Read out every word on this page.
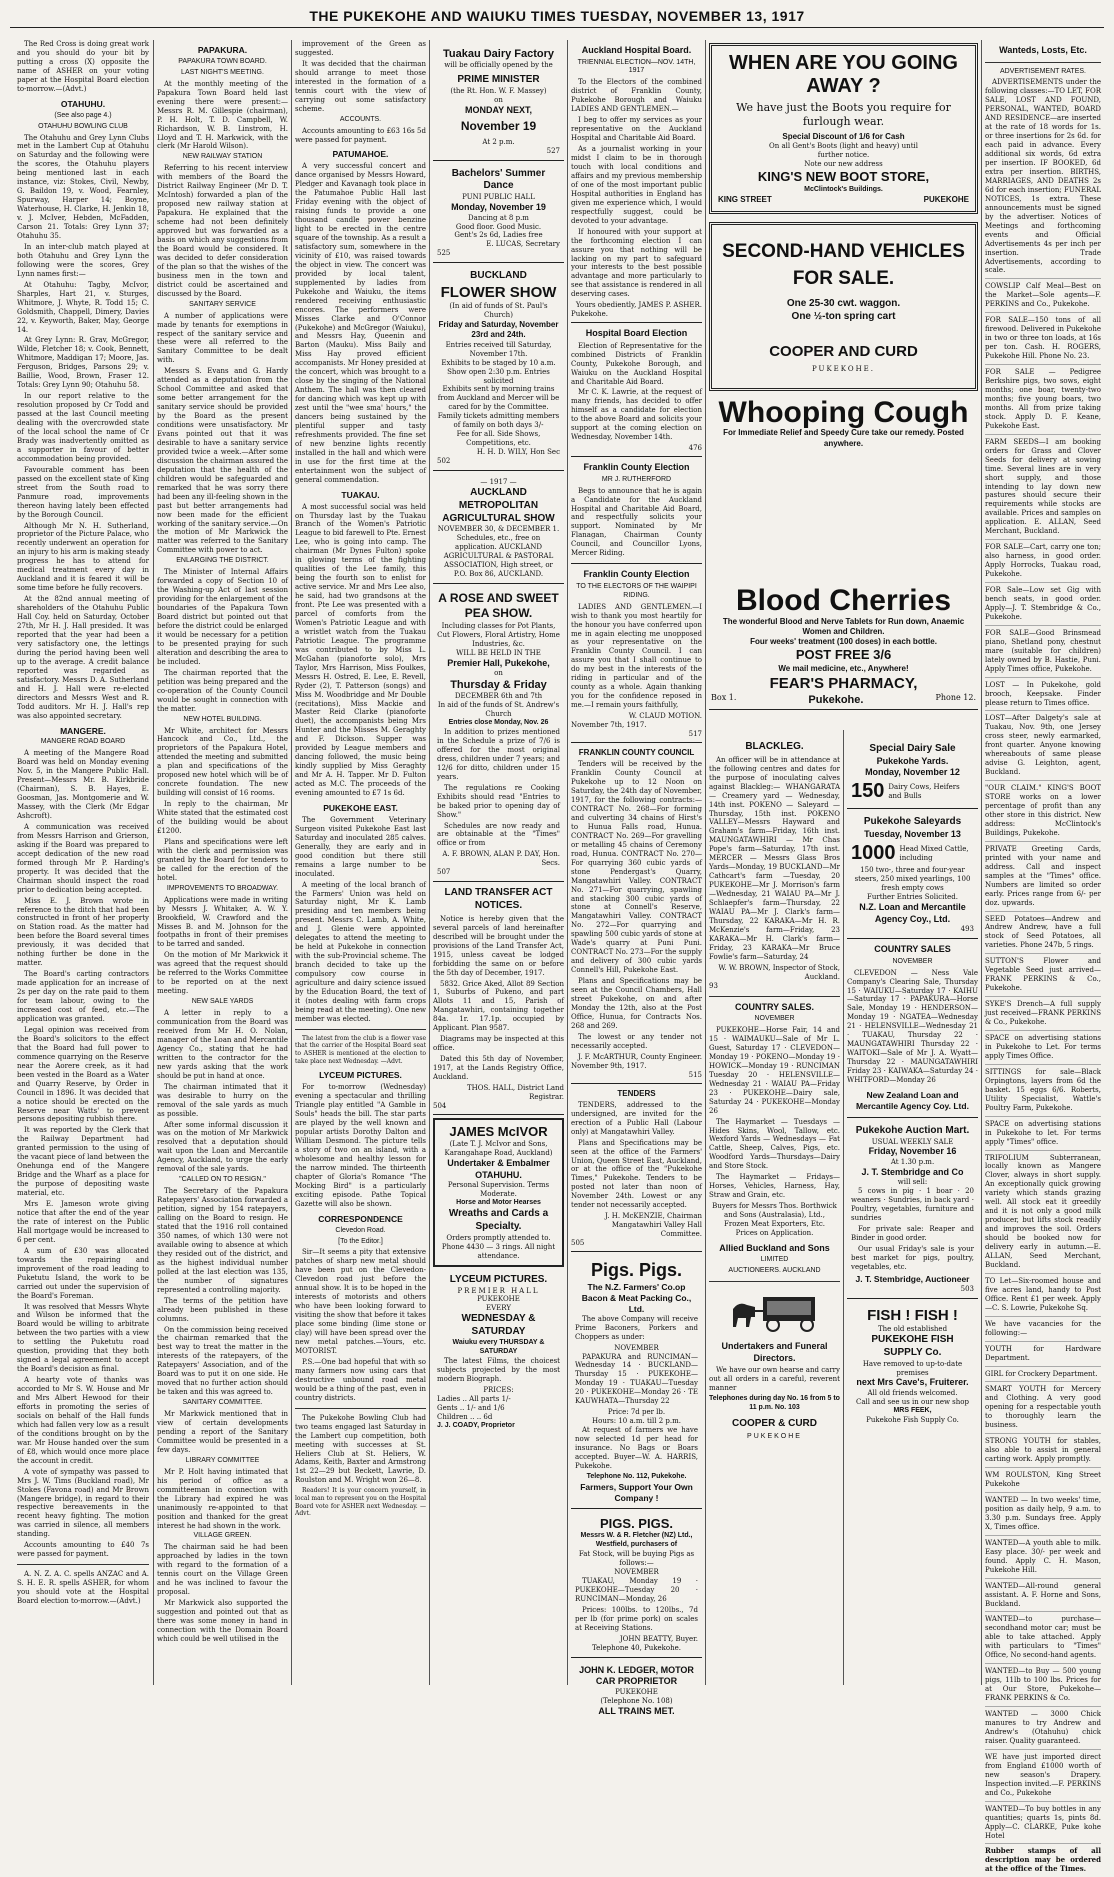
THE PUKEKOHE AND WAIUKU TIMES TUESDAY, NOVEMBER 13, 1917

The Red Cross is doing great work and you should do your bit by putting a cross (X) opposite the name of ASHER on your voting paper at the Hospital Board election to-morrow.—(Advt.)

OTAHUHU.
(See also page 4.)
OTAHUHU BOWLING CLUB

The Otahuhu and Grey Lynn Clubs met in the Lambert Cup at Otahuhu on Saturday and the following were the scores, the Otahuhu players being mentioned last in each instance, viz: Stokes, Civil, Newby, G. Baildon 19, v. Wood, Fearnley, Spurway, Harper 14; Boyne, Waterhouse, H. Clarke, H. Jenkin 18, v. J. McIver, Hebden, McFadden, Carson 21. Totals: Grey Lynn 37; Otahuhu 35.

In an inter-club match played at both Otahuhu and Grey Lynn the following were the scores, Grey Lynn names first:—

At Otahuhu: Tagby, McIvor, Sharples, Hart 21, v. Sturges, Whitmore, J. Whyte, R. Todd 15; C. Goldsmith, Chappell, Dimery, Davies 22, v. Keyworth, Baker, May, George 14.

At Grey Lynn: R. Grav, McGregor, Wilde, Fletcher 18; v. Cook, Bennett, Whitmore, Maddigan 17; Moore, Jas. Ferguson, Bridges, Parsons 29; v. Baillie, Wood, Brown, Fraser 12. Totals: Grey Lynn 90; Otahuhu 58.

In our report relative to the resolution proposed by Cr Todd and passed at the last Council meeting dealing with the overcrowded state of the local school the name of Cr Brady was inadvertently omitted as a supporter in favour of better accommodation being provided.

Favourable comment has been passed on the excellent state of King street from the South road to Panmure road, improvements thereon having lately been effected by the Borough Council.

Although Mr N. H. Sutherland, proprietor of the Picture Palace, who recently underwent an operation for an injury to his arm is making steady progress he has to attend for medical treatment every day in Auckland and it is feared it will be some time before he fully recovers.

At the 82nd annual meeting of shareholders of the Otahuhu Public Hall Coy. held on Saturday, October 27th, Mr H. J. Hall presided. It was reported that the year had been a very satisfactory one, the lettings during the period having been well up to the average. A credit balance reported was regarded as satisfactory. Messrs D. A. Sutherland and H. J. Hall were re-elected directors and Messrs West and R. Todd auditors. Mr H. J. Hall's rep was also appointed secretary.

MANGERE.
MANGERE ROAD BOARD

A meeting of the Mangere Road Board was held on Monday evening Nov. 5, in the Mangere Public Hall. Present—Messrs Mr. B. Kirkbride (Chairman), S. B. Hayes, E. Goosman, Jas. Montgomerie and W. Massey, with the Clerk (Mr Edgar Ashcroft).

A communication was received from Messrs Harrison and Grierson, asking if the Board was prepared to accept dedication of the new road formed through Mr P. Harding's property. It was decided that the Chairman should inspect the road prior to dedication being accepted.

Miss E. J. Brown wrote in reference to the ditch that had been constructed in front of her property on Station road. As the matter had been before the Board several times previously, it was decided that nothing further be done in the matter.

The Board's carting contractors made application for an increase of 2s per day on the rate paid to them for team labour, owing to the increased cost of feed, etc.—The application was granted.

Legal opinion was received from the Board's solicitors to the effect that the Board had full power to commence quarrying on the Reserve near the Aorere creek, as it had been vested in the Board as a Water and Quarry Reserve, by Order in Council in 1896. It was decided that a notice should be erected on the Reserve near Watts' to prevent persons depositing rubbish there.

It was reported by the Clerk that the Railway Department had granted permission to the using of the vacant piece of land between the Onehunga end of the Mangere Bridge and the Wharf as a place for the purpose of depositing waste material, etc.

Mrs E. Jameson wrote giving notice that after the end of the year the rate of interest on the Public Hall mortgage would be increased to 6 per cent.

A sum of £30 was allocated towards the repairing and improvement of the road leading to Puketutu Island, the work to be carried out under the supervision of the Board's Foreman.

It was resolved that Messrs Whyte and Wilson be informed that the Board would be willing to arbitrate between the two parties with a view to settling the Puketutu road question, providing that they both signed a legal agreement to accept the Board's decision as final.

A hearty vote of thanks was accorded to Mr S. W. House and Mr and Mrs Albert Hewood for their efforts in promoting the series of socials on behalf of the Hall funds which had fallen very low as a result of the conditions brought on by the war. Mr House handed over the sum of £8, which would once more place the account in credit.

A vote of sympathy was passed to Mrs J. W. Tims (Buckland road), Mr Stokes (Favona road) and Mr Brown (Mangere bridge), in regard to their respective bereavements in the recent heavy fighting. The motion was carried in silence, all members standing.

Accounts amounting to £40 7s were passed for payment.

A. N. Z. A. C. spells ANZAC and A. S. H. E. R. spells ASHER, for whom you should vote at the Hospital Board election to-morrow.—(Advt.)

PAPAKURA.
PAPAKURA TOWN BOARD.
LAST NIGHT'S MEETING.

At the monthly meeting of the Papakura Town Board held last evening there were present:—Messrs R. M. Gillespie (chairman), P. H. Holt, T. D. Campbell, W. Richardson, W. B. Linstrom, H. Lloyd and T. H. Markwick, with the clerk (Mr Harold Wilson).

NEW RAILWAY STATION

Referring to his recent interview with members of the Board the District Railway Engineer (Mr D. T. McIntosh) forwarded a plan of the proposed new railway station at Papakura. He explained that the scheme had not been definitely approved but was forwarded as a basis on which any suggestions from the Board would be considered. It was decided to defer consideration of the plan so that the wishes of the business men in the town and district could be ascertained and discussed by the Board.

SANITARY SERVICE

A number of applications were made by tenants for exemptions in respect of the sanitary service and these were all referred to the Sanitary Committee to be dealt with.

Messrs S. Evans and G. Hardy attended as a deputation from the School Committee and asked that some better arrangement for the sanitary service should be provided by the Board as the present conditions were unsatisfactory. Mr Evans pointed out that it was desirable to have a sanitary service provided twice a week.—After some discussion the chairman assured the deputation that the health of the children would be safeguarded and remarked that he was sorry there had been any ill-feeling shown in the past but better arrangements had now been made for the efficient working of the sanitary service.—On the motion of Mr Markwick the matter was referred to the Sanitary Committee with power to act.

ENLARGING THE DISTRICT.

The Minister of Internal Affairs forwarded a copy of Section 10 of the Washing-up Act of last session providing for the enlargement of the boundaries of the Papakura Town Board district but pointed out that before the district could be enlarged it would be necessary for a petition to be presented praying for such alteration and describing the area to be included.

The chairman reported that the petition was being prepared and the co-operation of the County Council would be sought in connection with the matter.

NEW HOTEL BUILDING.

Mr White, architect for Messrs Hancock and Co., Ltd., the proprietors of the Papakura Hotel, attended the meeting and submitted a plan and specifications of the proposed new hotel which will be of concrete foundation. The new building will consist of 16 rooms.

In reply to the chairman, Mr White stated that the estimated cost of the building would be about £1200.

Plans and specifications were left with the clerk and permission was granted by the Board for tenders to be called for the erection of the hotel.

IMPROVEMENTS TO BROADWAY.

Applications were made in writing by Messrs J. Whitaker, A. W. Y. Brookfield, W. Crawford and the Misses B. and M. Johnson for the footpaths in front of their premises to be tarred and sanded.

On the motion of Mr Markwick it was agreed that the request should be referred to the Works Committee to be reported on at the next meeting.

NEW SALE YARDS

A letter in reply to a communication from the Board was received from Mr H. O. Nolan, manager of the Loan and Mercantile Agency Co., stating that he had written to the contractor for the new yards asking that the work should be put in hand at once.

The chairman intimated that it was desirable to hurry on the removal of the sale yards as much as possible.

After some informal discussion it was on the motion of Mr Markwick resolved that a deputation should wait upon the Loan and Mercantile Agency, Auckland, to urge the early removal of the sale yards.

"CALLED ON TO RESIGN."

The Secretary of the Papakura Ratepayers' Association forwarded a petition, signed by 154 ratepayers, calling on the Board to resign. He stated that the 1916 roll contained 350 names, of which 130 were not available owing to absence at which they resided out of the district, and as the highest individual number polled at the last election was 135, the number of signatures represented a controlling majority.

The terms of the petition have already been published in these columns.

On the commission being received the chairman remarked that the best way to treat the matter in the interests of the ratepayers, of the Ratepayers' Association, and of the Board was to put it on one side. He moved that no further action should be taken and this was agreed to.

SANITARY COMMITTEE.

Mr Markwick mentioned that in view of certain developments pending a report of the Sanitary Committee would be presented in a few days.

LIBRARY COMMITTEE

Mr P. Holt having intimated that his period of office as a committeeman in connection with the Library had expired he was unanimously re-appointed to that position and thanked for the great interest he had shown in the work.

VILLAGE GREEN.

The chairman said he had been approached by ladies in the town with regard to the formation of a tennis court on the Village Green and he was inclined to favour the proposal.

Mr Markwick also supported the suggestion and pointed out that as there was some money in hand in connection with the Domain Board which could be well utilised in the

improvement of the Green as suggested.

It was decided that the chairman should arrange to meet those interested in the formation of a tennis court with the view of carrying out some satisfactory scheme.

ACCOUNTS.

Accounts amounting to £63 16s 5d were passed for payment.

PATUMAHOE.

A very successful concert and dance organised by Messrs Howard, Pledger and Kavanagh took place in the Patumahoe Public Hall last Friday evening with the object of raising funds to provide a one thousand candle power benzine light to be erected in the centre square of the township. As a result a satisfactory sum, somewhere in the vicinity of £10, was raised towards the object in view. The concert was provided by local talent, supplemented by ladies from Pukekohe and Waiuku, the items rendered receiving enthusiastic encores. The performers were Misses Clarke and O'Connor (Pukekohe) and McGregor (Waiuku), and Messrs Hay, Queenin and Barton (Mauku). Miss Baily and Miss Hay proved efficient accompanists. Mr Honey presided at the concert, which was brought to a close by the singing of the National Anthem. The hall was then cleared for dancing which was kept up with zest until the "wee sma' hours," the dancers being sustained by the plentiful supper and tasty refreshments provided. The fine set of new benzine lights recently installed in the hall and which were in use for the first time at the entertainment won the subject of general commendation.

TUAKAU.

A most successful social was held on Thursday last by the Tuakau Branch of the Women's Patriotic League to bid farewell to Pte. Ernest Lee, who is going into camp. The chairman (Mr Dynes Fulton) spoke in glowing terms of the fighting qualities of the Lee family, this being the fourth son to enlist for active service. Mr and Mrs Lee also, he said, had two grandsons at the front. Pte Lee was presented with a parcel of comforts from the Women's Patriotic League and with a wristlet watch from the Tuakau Patriotic League. The programme was contributed to by Miss L. McGahan (pianoforte solo), Mrs Taylor, Mrs Harrison, Miss Foulkes, Messrs H. Ostred, E. Lee, E. Revell, Ryder (2), T. Patterson (songs) and Miss M. Woodbridge and Mr Double (recitations), Miss Mackie and Master Reid Clarke (pianoforte duet), the accompanists being Mrs Hunter and the Misses M. Geraghty and F. Dickson. Supper was provided by League members and dancing followed, the music being kindly supplied by Miss Geraghty and Mr A. H. Tapper. Mr D. Fulton acted as M.C. The proceeds of the evening amounted to £7 1s 6d.

PUKEKOHE EAST.

The Government Veterinary Surgeon visited Pukekohe East last Saturday and inoculated 285 calves. Generally, they are early and in good condition but there still remains a large number to be inoculated.

A meeting of the local branch of the Farmers' Union was held on Saturday night, Mr K. Lamb presiding and ten members being present. Messrs C. Lamb, A. White, and J. Glenie were appointed delegates to attend the meeting to be held at Pukekohe in connection with the sub-Provincial scheme. The branch decided to take up the compulsory cow course in agriculture and dairy science issued by the Education Board, the text of it (notes dealing with farm crops being read at the meeting). One new member was elected.

The latest from the club is a flower vase that the carrier of the Hospital Board seat to ASHER is mentioned at the election to take place next Wednesday. —Advt.

LYCEUM PICTURES.

For to-morrow (Wednesday) evening a spectacular and thrilling Triangle play entitled "A Gamble in Souls" heads the bill. The star parts are played by the well known and popular artists Dorothy Dalton and William Desmond. The picture tells a story of two on an island, with a wholesome and healthy lesson for the narrow minded. The thirteenth chapter of Gloria's Romance "The Mocking Bird" is a particularly exciting episode. Pathe Topical Gazette will also be shown.

CORRESPONDENCE
Clevedon Road.
[To the Editor.]

Sir—It seems a pity that extensive patches of sharp new metal should have been put on the Clevedon-Clevedon road just before the annual show. It is to be hoped in the interests of motorists and others who have been looking forward to visiting the show that before it takes place some binding (lime stone or clay) will have been spread over the new metal patches.—Yours, etc. MOTORIST.

P.S.—One bad hopeful that with so many farmers now using cars that destructive unbound road metal would be a thing of the past, even in country districts.

The Pukekohe Bowling Club had two teams engaged last Saturday in the Lambert cup competition, both meeting with successes at St. Heliers Club at St. Heliers, W. Adams, Keith, Baxter and Armstrong 1st 22—29 but Beckett, Lawrie, D. Roulston and M. Wright won 26—8.

Readers! It is your concern yourself, in local man to represent you on the Hospital Board vote for ASHER next Wednesday. —Advt.

Tuakau Dairy Factory
will be officially opened by the
PRIME MINISTER
(the Rt. Hon. W. F. Massey)
on
MONDAY NEXT,
November 19
At 2 p.m.
527
Bachelors' Summer Dance
PUNI PUBLIC HALL
Monday, November 19
Dancing at 8 p.m
Good floor. Good Music.
Gent's 2s 6d, Ladies free
E. LUCAS, Secretary
525
BUCKLAND
FLOWER SHOW
(In aid of funds of St. Paul's Church)
Friday and Saturday, November 23rd and 24th.
Entries received till Saturday, November 17th.
Exhibits to be staged by 10 a.m. Show open 2:30 p.m. Entries solicited
Exhibits sent by morning trains from Auckland and Mercer will be cared for by the Committee.
Family tickets admitting members of family on both days 3/-
Fee for all. Side Shows, Competitions, etc.
H. H. D. WILY, Hon Sec
502
— 1917 —
AUCKLAND METROPOLITAN AGRICULTURAL SHOW
NOVEMBER 30, & DECEMBER 1.
Schedules, etc., free on application. AUCKLAND AGRICULTURAL & PASTORAL ASSOCIATION, High street, or P.O. Box 86, AUCKLAND.
A ROSE AND SWEET PEA SHOW.
Including classes for Pot Plants, Cut Flowers, Floral Artistry, Home Industries, &c.
WILL BE HELD IN THE
Premier Hall, Pukekohe,
on
Thursday & Friday
DECEMBER 6th and 7th
In aid of the funds of St. Andrew's Church
Entries close Monday, Nov. 26

In addition to prizes mentioned in the Schedule a prize of 7/6 is offered for the most original dress, children under 7 years; and 12/6 for ditto, children under 15 years.

The regulations re Cooking Exhibits should read "Entries to be baked prior to opening day of Show."

Schedules are now ready and are obtainable at the "Times" office or from

A. F. BROWN, ALAN P. DAY, Hon. Secs.
507
LAND TRANSFER ACT NOTICES.

Notice is hereby given that the several parcels of land hereinafter described will be brought under the provisions of the Land Transfer Act, 1915, unless caveat be lodged forbidding the same on or before the 5th day of December, 1917.

5832. Grice Aked, Allot 89 Section 1, Suburbs of Pukeno, and part Allots 11 and 15, Parish of Mangatawhiri, containing together 84a. 1r. 17.1p. occupied by Applicant. Plan 9587.

Diagrams may be inspected at this office.

Dated this 5th day of November, 1917, at the Lands Registry Office, Auckland.

THOS. HALL, District Land Registrar.
504
JAMES McIVOR
(Late T. J. McIvor and Sons, Karangahape Road, Auckland)
Undertaker & Embalmer
OTAHUHU.
Personal Supervision. Terms Moderate.
Horse and Motor Hearses
Wreaths and Cards a Specialty.
Orders promptly attended to.
Phone 4430 — 3 rings. All night attendance.
LYCEUM PICTURES.
PREMIER HALL
PUKEKOHE
EVERY
WEDNESDAY & SATURDAY
Waiuku every THURSDAY & SATURDAY

The latest Films, the choicest subjects projected by the most modern Biograph.

PRICES:
Ladies .. All parts 1/-
Gents .. 1/- and 1/6
Children .. .. 6d
J. J. COADY, Proprietor
Auckland Hospital Board.
TRIENNIAL ELECTION—NOV. 14TH, 1917

To the Electors of the combined district of Franklin County, Pukekohe Borough and Waiuku LADIES AND GENTLEMEN.—

I beg to offer my services as your representative on the Auckland Hospital and Charitable Aid Board.

As a journalist working in your midst I claim to be in thorough touch with local conditions and affairs and my previous membership of one of the most important public Hospital authorities in England has given me experience which, I would respectfully suggest, could be devoted to your advantage.

If honoured with your support at the forthcoming election I can assure you that nothing will be lacking on my part to safeguard your interests to the best possible advantage and more particularly to see that assistance is rendered in all deserving cases.

Yours obediently, JAMES P. ASHER.
Pukekohe.
Hospital Board Election

Election of Representative for the combined Districts of Franklin County, Pukekohe Borough, and Waiuku on the Auckland Hospital and Charitable Aid Board.

Mr C. K. Lawrie, at the request of many friends, has decided to offer himself as a candidate for election to the above Board and solicits your support at the coming election on Wednesday, November 14th.

476
Franklin County Election
MR J. RUTHERFORD

Begs to announce that he is again a Candidate for the Auckland Hospital and Charitable Aid Board, and respectfully solicits your support. Nominated by Mr Flanagan, Chairman County Council, and Councillor Lyons, Mercer Riding.

Franklin County Election
TO THE ELECTORS OF THE WAIPIPI RIDING.

LADIES AND GENTLEMEN.—I wish to thank you most heartily for the honour you have conferred upon me in again electing me unopposed as your representative on the Franklin County Council. I can assure you that I shall continue to do my best in the interests of the riding in particular and of the county as a whole. Again thanking you for the confidence reposed in me.—I remain yours faithfully,

W. CLAUD MOTION.
November 7th, 1917.
517
FRANKLIN COUNTY COUNCIL

Tenders will be received by the Franklin County Council at Pukekohe up to 12 Noon on Saturday, the 24th day of November, 1917, for the following contracts:— CONTRACT No. 268—For forming and culverting 34 chains of Hirst's to Hunua Falls road, Hunua. CONTRACT No. 269—For gravelling or metalling 45 chains of Ceremony road, Hunua. CONTRACT No. 270—For quarrying 360 cubic yards of stone Pendergast's Quarry, Mangatawhiri Valley. CONTRACT No. 271—For quarrying, spawling and stacking 300 cubic yards of stone at Connell's Reserve, Mangatawhiri Valley. CONTRACT No. 272—For quarrying and spawling 500 cubic yards of stone at Wade's quarry at Puni Puni. CONTRACT No. 273—For the supply and delivery of 300 cubic yards Connell's Hill, Pukekohe East.

Plans and Specifications may be seen at the Council Chambers, Hall street Pukekohe, on and after Monday the 12th, also at the Post Office, Hunua, for Contracts Nos. 268 and 269.

The lowest or any tender not necessarily accepted.

J. F. McARTHUR, County Engineer.
November 9th, 1917.
515
TENDERS

TENDERS, addressed to the undersigned, are invited for the erection of a Public Hall (Labour only) at Mangatawhiri Valley.

Plans and Specifications may be seen at the office of the Farmers' Union, Queen Street East, Auckland, or at the office of the "Pukekohe Times," Pukekohe. Tenders to be posted not later than noon of November 24th. Lowest or any tender not necessarily accepted.

J. H. McKENZIE, Chairman Mangatawhiri Valley Hall Committee.
505
Pigs. Pigs.
The N.Z. Farmers' Co.op Bacon & Meat Packing Co., Ltd.

The above Company will receive Prime Baconers, Porkers and Choppers as under:

NOVEMBER

PAPAKURA and RUNCIMAN—Wednesday 14 · BUCKLAND—Thursday 15 · PUKEKOHE—Monday 19 · TUAKAU—Tuesday 20 · PUKEKOHE—Monday 26 · TE KAUWHATA—Thursday 22

Price: 7d per lb.
Hours: 10 a.m. till 2 p.m.

At request of farmers we have now selected 1d per head for insurance. No Bags or Boars accepted. Buyer—W. A. HARRIS, Pukekohe.

Telephone No. 112, Pukekohe.
Farmers, Support Your Own Company !
PIGS. PIGS.
Messrs W. & R. Fletcher (NZ) Ltd., Westfield, purchasers of
Fat Stock, will be buying Pigs as follows:—
NOVEMBER

TUAKAU, Monday 19 · PUKEKOHE—Tuesday 20 · RUNCIMAN—Monday, 26

Prices: 100lbs. to 120lbs., 7d per lb (for prime pork) on scales at Receiving Stations.

JOHN BEATTY, Buyer.
Telephone 40, Pukekohe.
JOHN K. LEDGER, MOTOR CAR PROPRIETOR
PUKEKOHE
(Telephone No. 108)
ALL TRAINS MET.
WHEN ARE YOU GOING AWAY ?
We have just the Boots you require for furlough wear.
Special Discount of 1/6 for Cash
On all Gent's Boots (light and heavy) until
further notice.
Note our new address
KING'S NEW BOOT STORE,
McClintock's Buildings.
KING STREET	PUKEKOHE
SECOND-HAND VEHICLES FOR SALE.
One 25-30 cwt. waggon.
One ½-ton spring cart
COOPER AND CURD
PUKEKOHE.
Whooping Cough
For Immediate Relief and Speedy Cure take our remedy. Posted anywhere.
Blood Cherries
The wonderful Blood and Nerve Tablets for Run down, Anaemic Women and Children.
Four weeks' treatment (100 doses) in each bottle.
POST FREE 3/6
We mail medicine, etc., Anywhere!
FEAR'S PHARMACY,
Box 1.	Pukekohe.	Phone 12.
BLACKLEG.

An officer will be in attendance at the following centres and dates for the purpose of inoculating calves against Blackleg:— WHANGARATA — Creamery yard — Wednesday, 14th inst. POKENO — Saleyard — Thursday, 15th inst. POKENO VALLEY—Messrs Hayward and Graham's farm—Friday, 16th inst. MAUNGATAWHIRI — Mr Chas Pope's farm—Saturday, 17th inst. MERCER — Messrs Glass Bros Yards—Monday, 19 BUCKLAND—Mr Cathcart's farm —Tuesday, 20 PUKEKOHE—Mr J. Morrison's farm—Wednesday, 21 WAIAU PA—Mr J. Schlaepfer's farm—Thursday, 22 WAIAU PA—Mr J. Clark's farm—Thursday, 22 KARAKA—Mr H. R. McKenzie's farm—Friday, 23 KARAKA—Mr H. Clark's farm—Friday, 23 KARAKA—Mr Bruce Fowlie's farm—Saturday, 24

W. W. BROWN, Inspector of Stock, Auckland.
93
COUNTRY SALES.
NOVEMBER

PUKEKOHE—Horse Fair, 14 and 15 · WAIMAUKU—Sale of Mr L. Guest, Saturday 17 · CLEVEDON—Monday 19 · POKENO—Monday 19 · HOWICK—Monday 19 · RUNCIMAN Tuesday 20 · HELENSVILLE—Wednesday 21 · WAIAU PA—Friday 23 · PUKEKOHE—Dairy sale, Saturday 24 · PUKEKOHE—Monday 26

The Haymarket — Tuesdays — Hides Skins, Wool, Tallow, etc. Wexford Yards — Wednesdays — Fat Cattle, Sheep, Calves, Pigs, etc. Woodford Yards—Thursdays—Dairy and Store Stock.

The Haymarket — Fridays—Horses, Vehicles, Harness, Hay, Straw and Grain, etc.

Buyers for Messrs Thos. Borthwick and Sons (Australasia), Ltd.,
Frozen Meat Exporters, Etc.
Prices on Application.
Allied Buckland and Sons
LIMITED
AUCTIONEERS. AUCKLAND
Undertakers and Funeral Directors.

We have our own hearse and carry out all orders in a careful, reverent manner

Telephones during day No. 16 from 5 to 11 p.m. No. 103
COOPER & CURD
PUKEKOHE
Special Dairy Sale
Pukekohe Yards.
Monday, November 12
150 Dairy Cows, Heifers and Bulls
Pukekohe Saleyards
Tuesday, November 13
1000 Head Mixed Cattle, including
150 two-, three and four-year steers, 250 mixed yearlings, 100 fresh empty cows
Further Entries Solicited.
N.Z. Loan and Mercantile Agency Coy., Ltd.
493
COUNTRY SALES
NOVEMBER

CLEVEDON — Ness Vale Company's Clearing Sale, Thursday 15 · WAIUKU—Saturday 17 · KAIHU—Saturday 17 · PAPAKURA—Horse Sale, Monday 19 · HENDERSON—Monday 19 · NGATEA—Wednesday 21 · HELENSVILLE—Wednesday 21 · TUAKAU, Thursday 22 · MAUNGATAWHIRI Thursday 22 · WAITOKI—Sale of Mr J. A. Wyatt—Thursday 22 · MAUNGATAWHIRI Friday 23 · KAIWAKA—Saturday 24 · WHITFORD—Monday 26

New Zealand Loan and Mercantile Agency Coy. Ltd.
Pukekohe Auction Mart.
USUAL WEEKLY SALE
Friday, November 16
At 1.30 p.m.
J. T. Stembridge and Co
will sell:

5 cows in pig · 1 boar · 20 weaners · Sundries, in back yard · Poultry, vegetables, furniture and sundries

For private sale: Reaper and Binder in good order.

Our usual Friday's sale is your best market for pigs, poultry, vegetables, etc.

J. T. Stembridge, Auctioneer
503
FISH ! FISH !
The old established
PUKEKOHE FISH SUPPLY Co.
Have removed to up-to-date premises
next Mrs Cave's, Fruiterer.
All old friends welcomed.
Call and see us in our new shop
MRS FEEK,
Pukekohe Fish Supply Co.
Wanteds, Losts, Etc.
ADVERTISEMENT RATES.

ADVERTISEMENTS under the following classes:—TO LET, FOR SALE, LOST AND FOUND, PERSONAL, WANTED, BOARD AND RESIDENCE—are inserted at the rate of 18 words for 1s. or three insertions for 2s 6d. for each paid in advance. Every additional six words, 6d extra per insertion. IF BOOKED, 6d extra per insertion. BIRTHS, MARRIAGES, AND DEATHS 2s 6d for each insertion; FUNERAL NOTICES, 1s extra. These announcements must be signed by the advertiser. Notices of Meetings and forthcoming events and Official Advertisements 4s per inch per insertion. Trade Advertisements, according to scale.

COWSLIP Calf Meal—Best on the Market—Sole agents—F. PERKINS and Co., Pukekohe.
FOR SALE—150 tons of all firewood. Delivered in Pukekohe in two or three ton loads, at 16s per ton. Cash. H. ROGERS, Pukekohe Hill. Phone No. 23.
FOR SALE — Pedigree Berkshire pigs, two sows, eight months; one boar, twenty-two months; five young boars, two months. All from prize taking stock. Apply D. F. Keane, Pukekohe East.
FARM SEEDS—I am booking orders for Grass and Clover Seeds for delivery at sowing time. Several lines are in very short supply, and those intending to lay down new pastures should secure their requirements while stocks are available. Prices and samples on application. E. ALLAN, Seed Merchant, Buckland.
FOR SALE—Cart, carry one ton; also harness, in good order. Apply Horrocks, Tuakau road, Pukekohe.
FOR Sale—Low set Gig with bench seats, in good order. Apply—J. T. Stembridge & Co., Pukekohe.
FOR SALE—Good Brinsmead piano, Shetland pony, chestnut mare (suitable for children) lately owned by B. Hastie, Puni. Apply Times office, Pukekohe.
LOST — In Pukekohe, gold brooch, Keepsake. Finder please return to Times office.
LOST—After Dalgety's sale at Tuakau, Nov. 9th, one Jersey cross steer, newly earmarked, front quarter. Anyone knowing whereabouts of same please advise G. Leighton, agent, Buckland.
"OUR CLAIM." KING'S BOOT STORE works on a lower percentage of profit than any other store in this district. New address: McClintock's Buildings, Pukekohe.
PRIVATE Greeting Cards, printed with your name and address. Call and inspect samples at the "Times" office. Numbers are limited so order early. Prices range from 6/- per doz. upwards.
SEED Potatoes—Andrew and Andrew Andrew, have a full stock of Seed Potatoes, all varieties. Phone 247b, 5 rings.
SUTTON'S Flower and Vegetable Seed just arrived—FRANK PERKINS & Co., Pukekohe.
SYKE'S Drench—A full supply just received—FRANK PERKINS & Co., Pukekohe.
SPACE on advertising stations in Pukekohe to Let. For terms apply Times Office.
SITTINGS for sale—Black Orpingtons, layers from 6d the basket. 15 eggs 6/6. Roberts, Utility Specialist, Wattle's Poultry Farm, Pukekohe.
SPACE on advertising stations in Pukekohe to let. For terms apply "Times" office.
TRIFOLIUM Subterranean, locally known as Mangere Clover, always in short supply. An exceptionally quick growing variety which stands grazing well. All stock eat it greedily and it is not only a good milk producer, but lifts stock readily and improves the soil. Orders should be booked now for delivery early in autumn.—E. ALLAN, Seed Merchant, Buckland.
TO Let—Six-roomed house and five acres land, handy to Post Office. Rent £1 per week. Apply—C. S. Lowrie, Pukekohe Sq.
We have vacancies for the following:—
YOUTH for Hardware Department.
GIRL for Crockery Department.
SMART YOUTH for Mercery and Clothing. A very good opening for a respectable youth to thoroughly learn the business.
STRONG YOUTH for stables, also able to assist in general carting work. Apply promptly.
WM ROULSTON, King Street Pukekohe
WANTED — In two weeks' time, position as daily help, 9 a.m. to 3.30 p.m. Sundays free. Apply X, Times office.
WANTED—A youth able to milk. Easy place. 30/- per week and found. Apply C. H. Mason, Pukekohe Hill.
WANTED—All-round general assistant. A. F. Horne and Sons, Buckland.
WANTED—to purchase—secondhand motor car; must be able to take attached. Apply with particulars to "Times" Office, No second-hand agents.
WANTED—to Buy — 500 young pigs, 11lb to 100 lbs. Prices for at Our Store, Pukekohe—FRANK PERKINS & Co.
WANTED — 3000 Chick manures to try Andrew and Andrew's (Otahuhu) chick raiser. Quality guaranteed.
WE have just imported direct from England £1000 worth of new season's Drapery. Inspection invited.—F. PERKINS and Co., Pukekohe
WANTED—To buy bottles in any quantities; quarts 1s, pints 8d. Apply—C. CLARKE, Puke kohe Hotel
Rubber stamps of all description may be ordered at the office of the Times.
